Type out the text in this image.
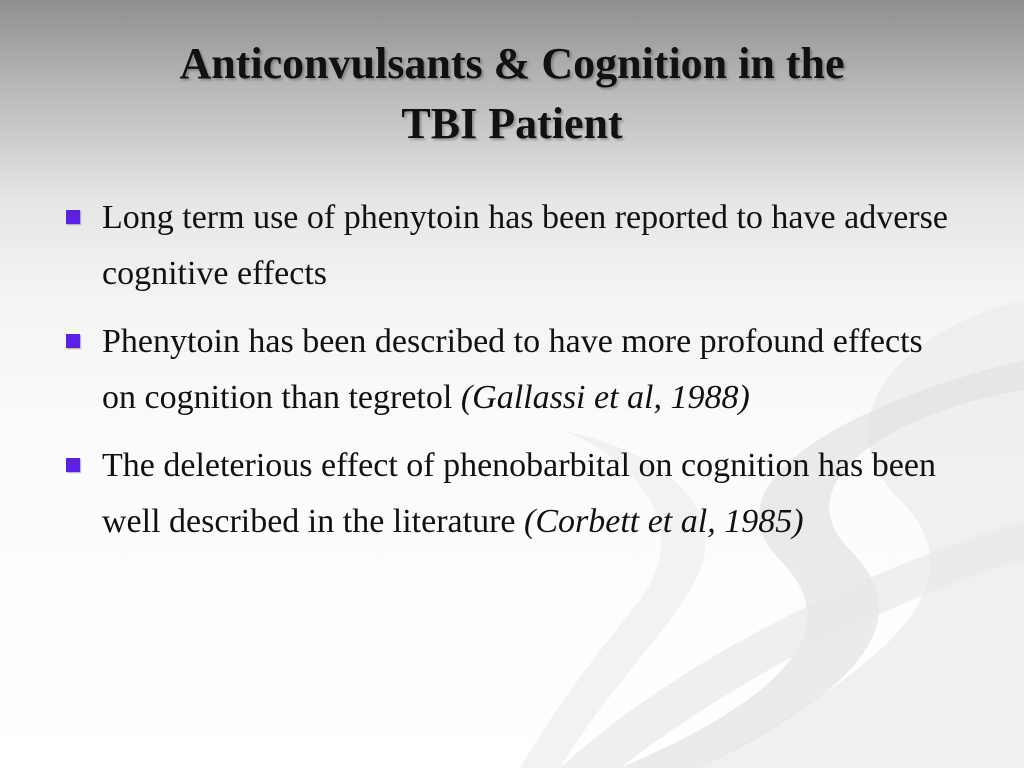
Anticonvulsants & Cognition in the
TBI Patient
Long term use of phenytoin has been reported to have adverse cognitive effects
Phenytoin has been described to have more profound effects on cognition than tegretol (Gallassi et al, 1988)
The deleterious effect of phenobarbital on cognition has been well described in the literature (Corbett et al, 1985)
